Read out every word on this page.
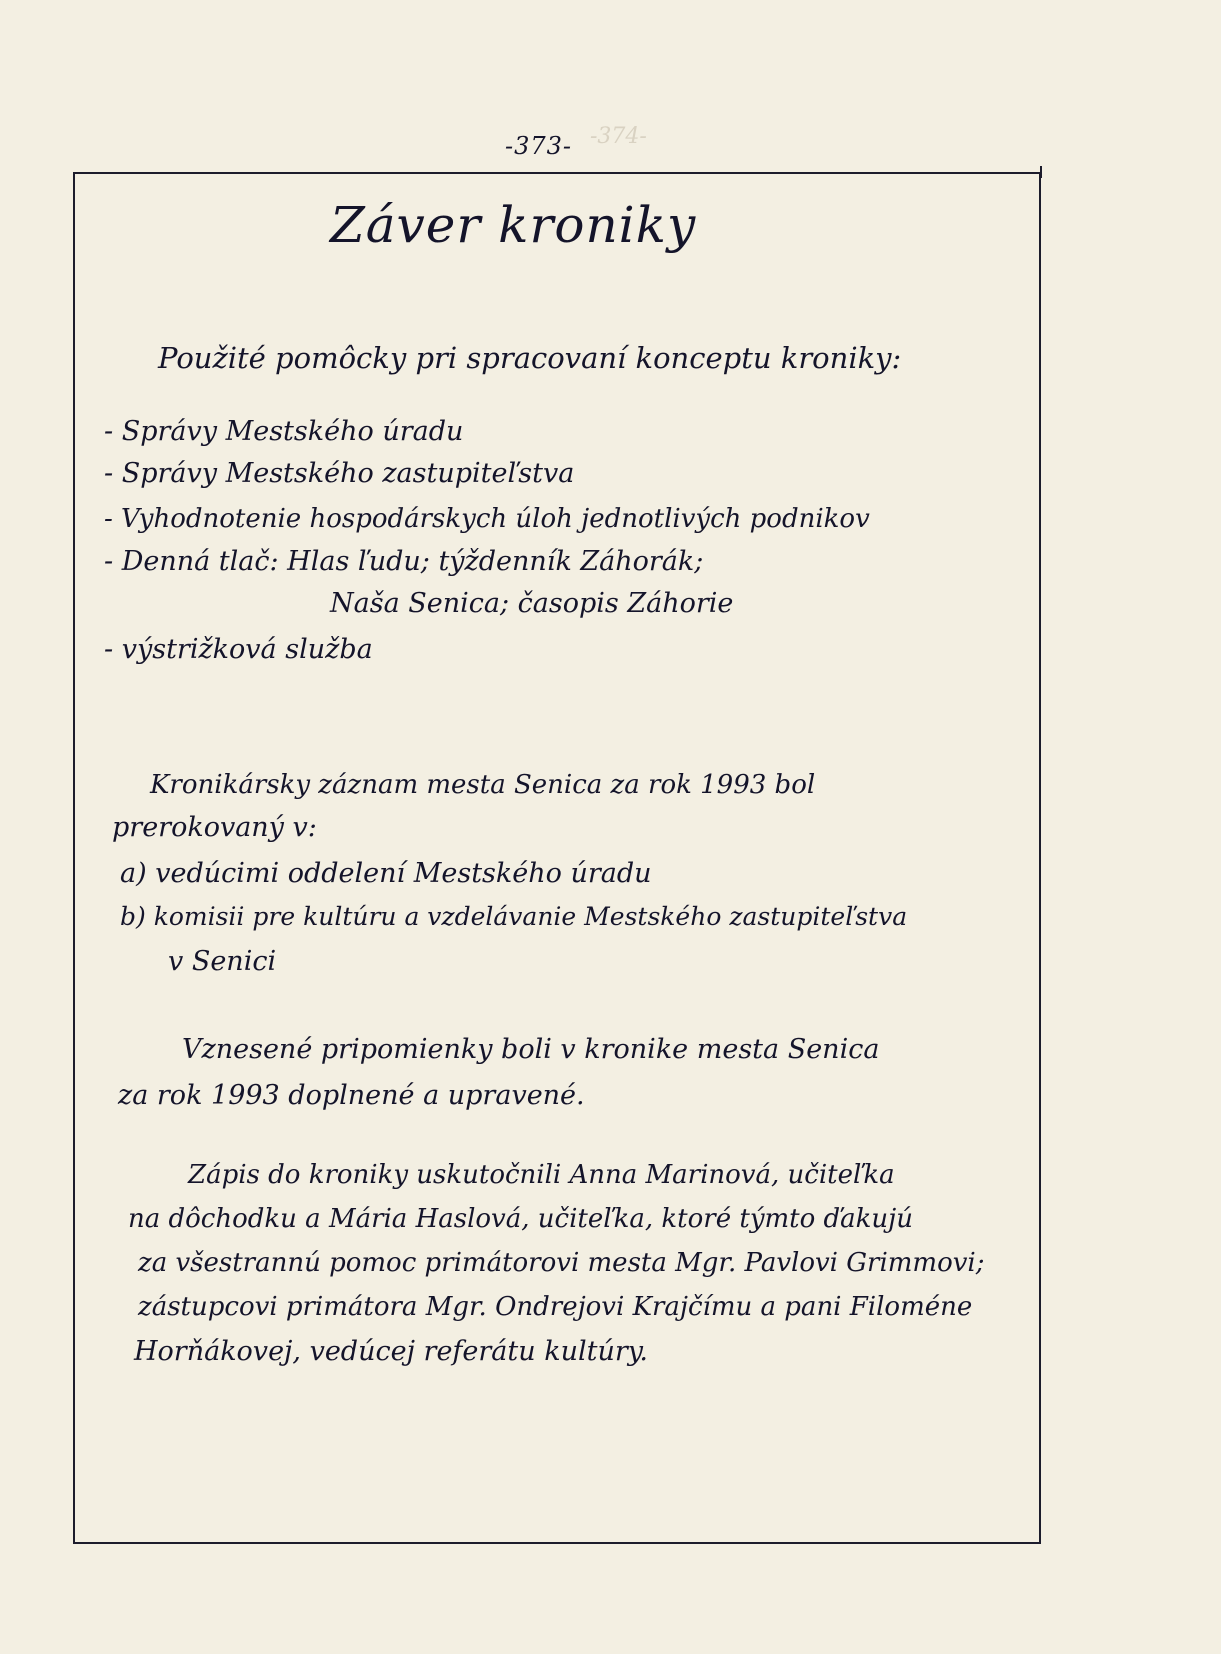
-374-
-373-
Záver kroniky
Použité pomôcky pri spracovaní konceptu kroniky:
- Správy Mestského úradu
- Správy Mestského zastupiteľstva
- Vyhodnotenie hospodárskych úloh jednotlivých podnikov
- Denná tlač: Hlas ľudu; týždenník Záhorák;
Naša Senica; časopis Záhorie
- výstrižková služba
Kronikársky záznam mesta Senica za rok 1993 bol
prerokovaný v:
a) vedúcimi oddelení Mestského úradu
b) komisii pre kultúru a vzdelávanie Mestského zastupiteľstva
v Senici
Vznesené pripomienky boli v kronike mesta Senica
za rok 1993 doplnené a upravené.
Zápis do kroniky uskutočnili Anna Marinová, učiteľka
na dôchodku a Mária Haslová, učiteľka, ktoré týmto ďakujú
za všestrannú pomoc primátorovi mesta Mgr. Pavlovi Grimmovi;
zástupcovi primátora Mgr. Ondrejovi Krajčímu a pani Filoméne
Horňákovej, vedúcej referátu kultúry.
